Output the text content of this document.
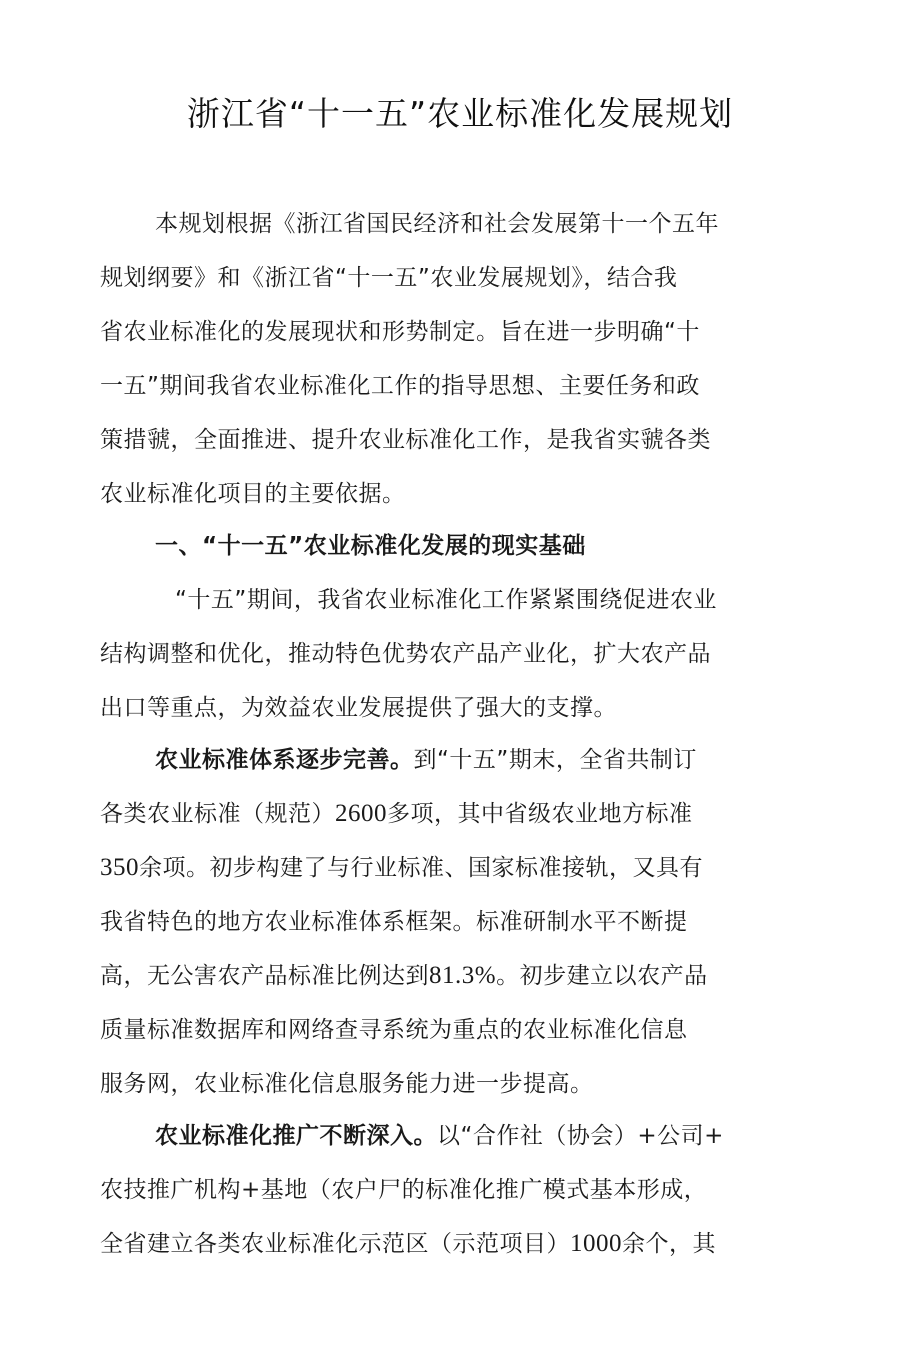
浙江省“十一五”农业标准化发展规划
本规划根据《浙江省国民经济和社会发展第十一个五年
规划纲要》和《浙江省“十一五”农业发展规划》，结合我
省农业标准化的发展现状和形势制定。旨在进一步明确“十
一五”期间我省农业标准化工作的指导思想、主要任务和政
策措虢，全面推进、提升农业标准化工作，是我省实虢各类
农业标准化项目的主要依据。
一、“十一五”农业标准化发展的现实基础
“十五”期间，我省农业标准化工作紧紧围绕促进农业
结构调整和优化，推动特色优势农产品产业化，扩大农产品
出口等重点，为效益农业发展提供了强大的支撑。
农业标准体系逐步完善。到“十五”期末，全省共制订
各类农业标准（规范）2600多项，其中省级农业地方标准
350余项。初步构建了与行业标准、国家标准接轨，又具有
我省特色的地方农业标准体系框架。标准研制水平不断提
高，无公害农产品标准比例达到81.3%。初步建立以农产品
质量标准数据库和网络查寻系统为重点的农业标准化信息
服务网，农业标准化信息服务能力进一步提高。
农业标准化推广不断深入。以“合作社（协会）+公司+
农技推广机构+基地（农户尸的标准化推广模式基本形成，
全省建立各类农业标准化示范区（示范项目）1000余个，其
